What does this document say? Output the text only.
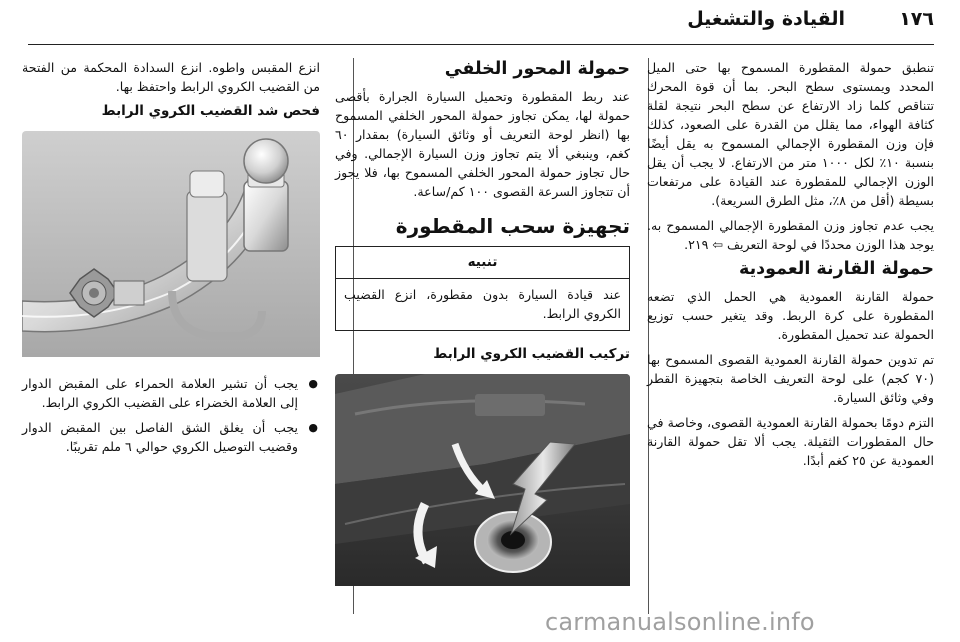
١٧٦
القيادة والتشغيل

تنطبق حمولة المقطورة المسموح بها حتى الميل المحدد ويمستوى سطح البحر. بما أن قوة المحرك تتناقص كلما زاد الارتفاع عن سطح البحر نتيجة لقلة كثافة الهواء، مما يقلل من القدرة على الصعود، كذلك فإن وزن المقطورة الإجمالي المسموح به يقل أيضًا بنسبة ١٠٪ لكل ١٠٠٠ متر من الارتفاع. لا يجب أن يقل الوزن الإجمالي للمقطورة عند القيادة على مرتفعات بسيطة (أقل من ٨٪، مثل الطرق السريعة).

يجب عدم تجاوز وزن المقطورة الإجمالي المسموح به. يوجد هذا الوزن محددًا في لوحة التعريف ⇦ ٢١٩.

حمولة القارنة العمودية

حمولة القارنة العمودية هي الحمل الذي تضعه المقطورة على كرة الربط. وقد يتغير حسب توزيع الحمولة عند تحميل المقطورة.

تم تدوين حمولة القارنة العمودية القصوى المسموح بها (٧٠ كجم) على لوحة التعريف الخاصة بتجهيزة القطر وفي وثائق السيارة.

التزم دومًا بحمولة القارنة العمودية القصوى، وخاصة في حال المقطورات الثقيلة. يجب ألا تقل حمولة القارنة العمودية عن ٢٥ كغم أبدًا.

حمولة المحور الخلفي

عند ربط المقطورة وتحميل السيارة الجرارة بأقصى حمولة لها، يمكن تجاوز حمولة المحور الخلفي المسموح بها (انظر لوحة التعريف أو وثائق السيارة) بمقدار ٦٠ كغم، وينبغي ألا يتم تجاوز وزن السيارة الإجمالي. وفي حال تجاوز حمولة المحور الخلفي المسموح بها، فلا يجوز أن تتجاوز السرعة القصوى ١٠٠ كم/ساعة.

تجهيزة سحب المقطورة
تنبيه
عند قيادة السيارة بدون مقطورة، انزع القضيب الكروي الرابط.
تركيب القضيب الكروي الرابط

انزع المقبس واطوه. انزع السدادة المحكمة من الفتحة من القضيب الكروي الرابط واحتفظ بها.

فحص شد القضيب الكروي الرابط
● يجب أن تشير العلامة الحمراء على المقبض الدوار إلى العلامة الخضراء على القضيب الكروي الرابط.
● يجب أن يغلق الشق الفاصل بين المقبض الدوار وقضيب التوصيل الكروي حوالي ٦ ملم تقريبًا.
carmanualsonline.info
